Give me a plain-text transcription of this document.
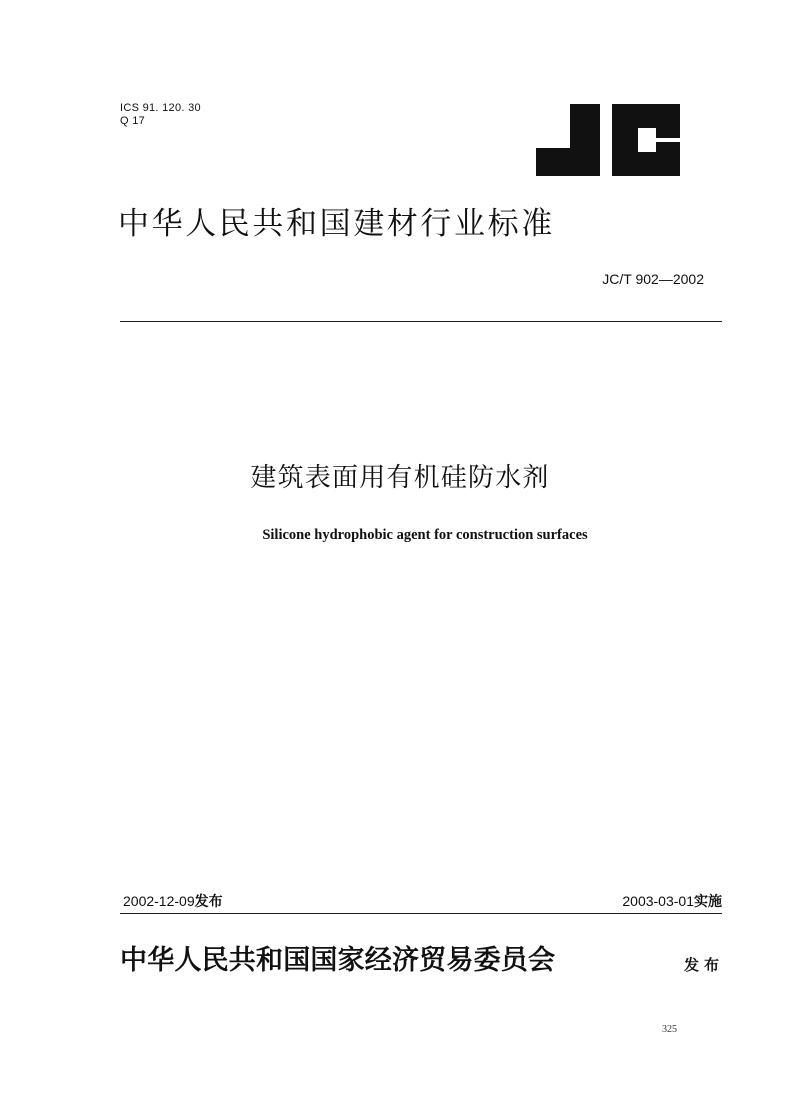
ICS 91. 120. 30
Q 17
中华人民共和国建材行业标准
JC/T 902—2002
建筑表面用有机硅防水剂
Silicone hydrophobic agent for construction surfaces
2002-12-09发布	2003-03-01实施
中华人民共和国国家经济贸易委员会	发布
325
